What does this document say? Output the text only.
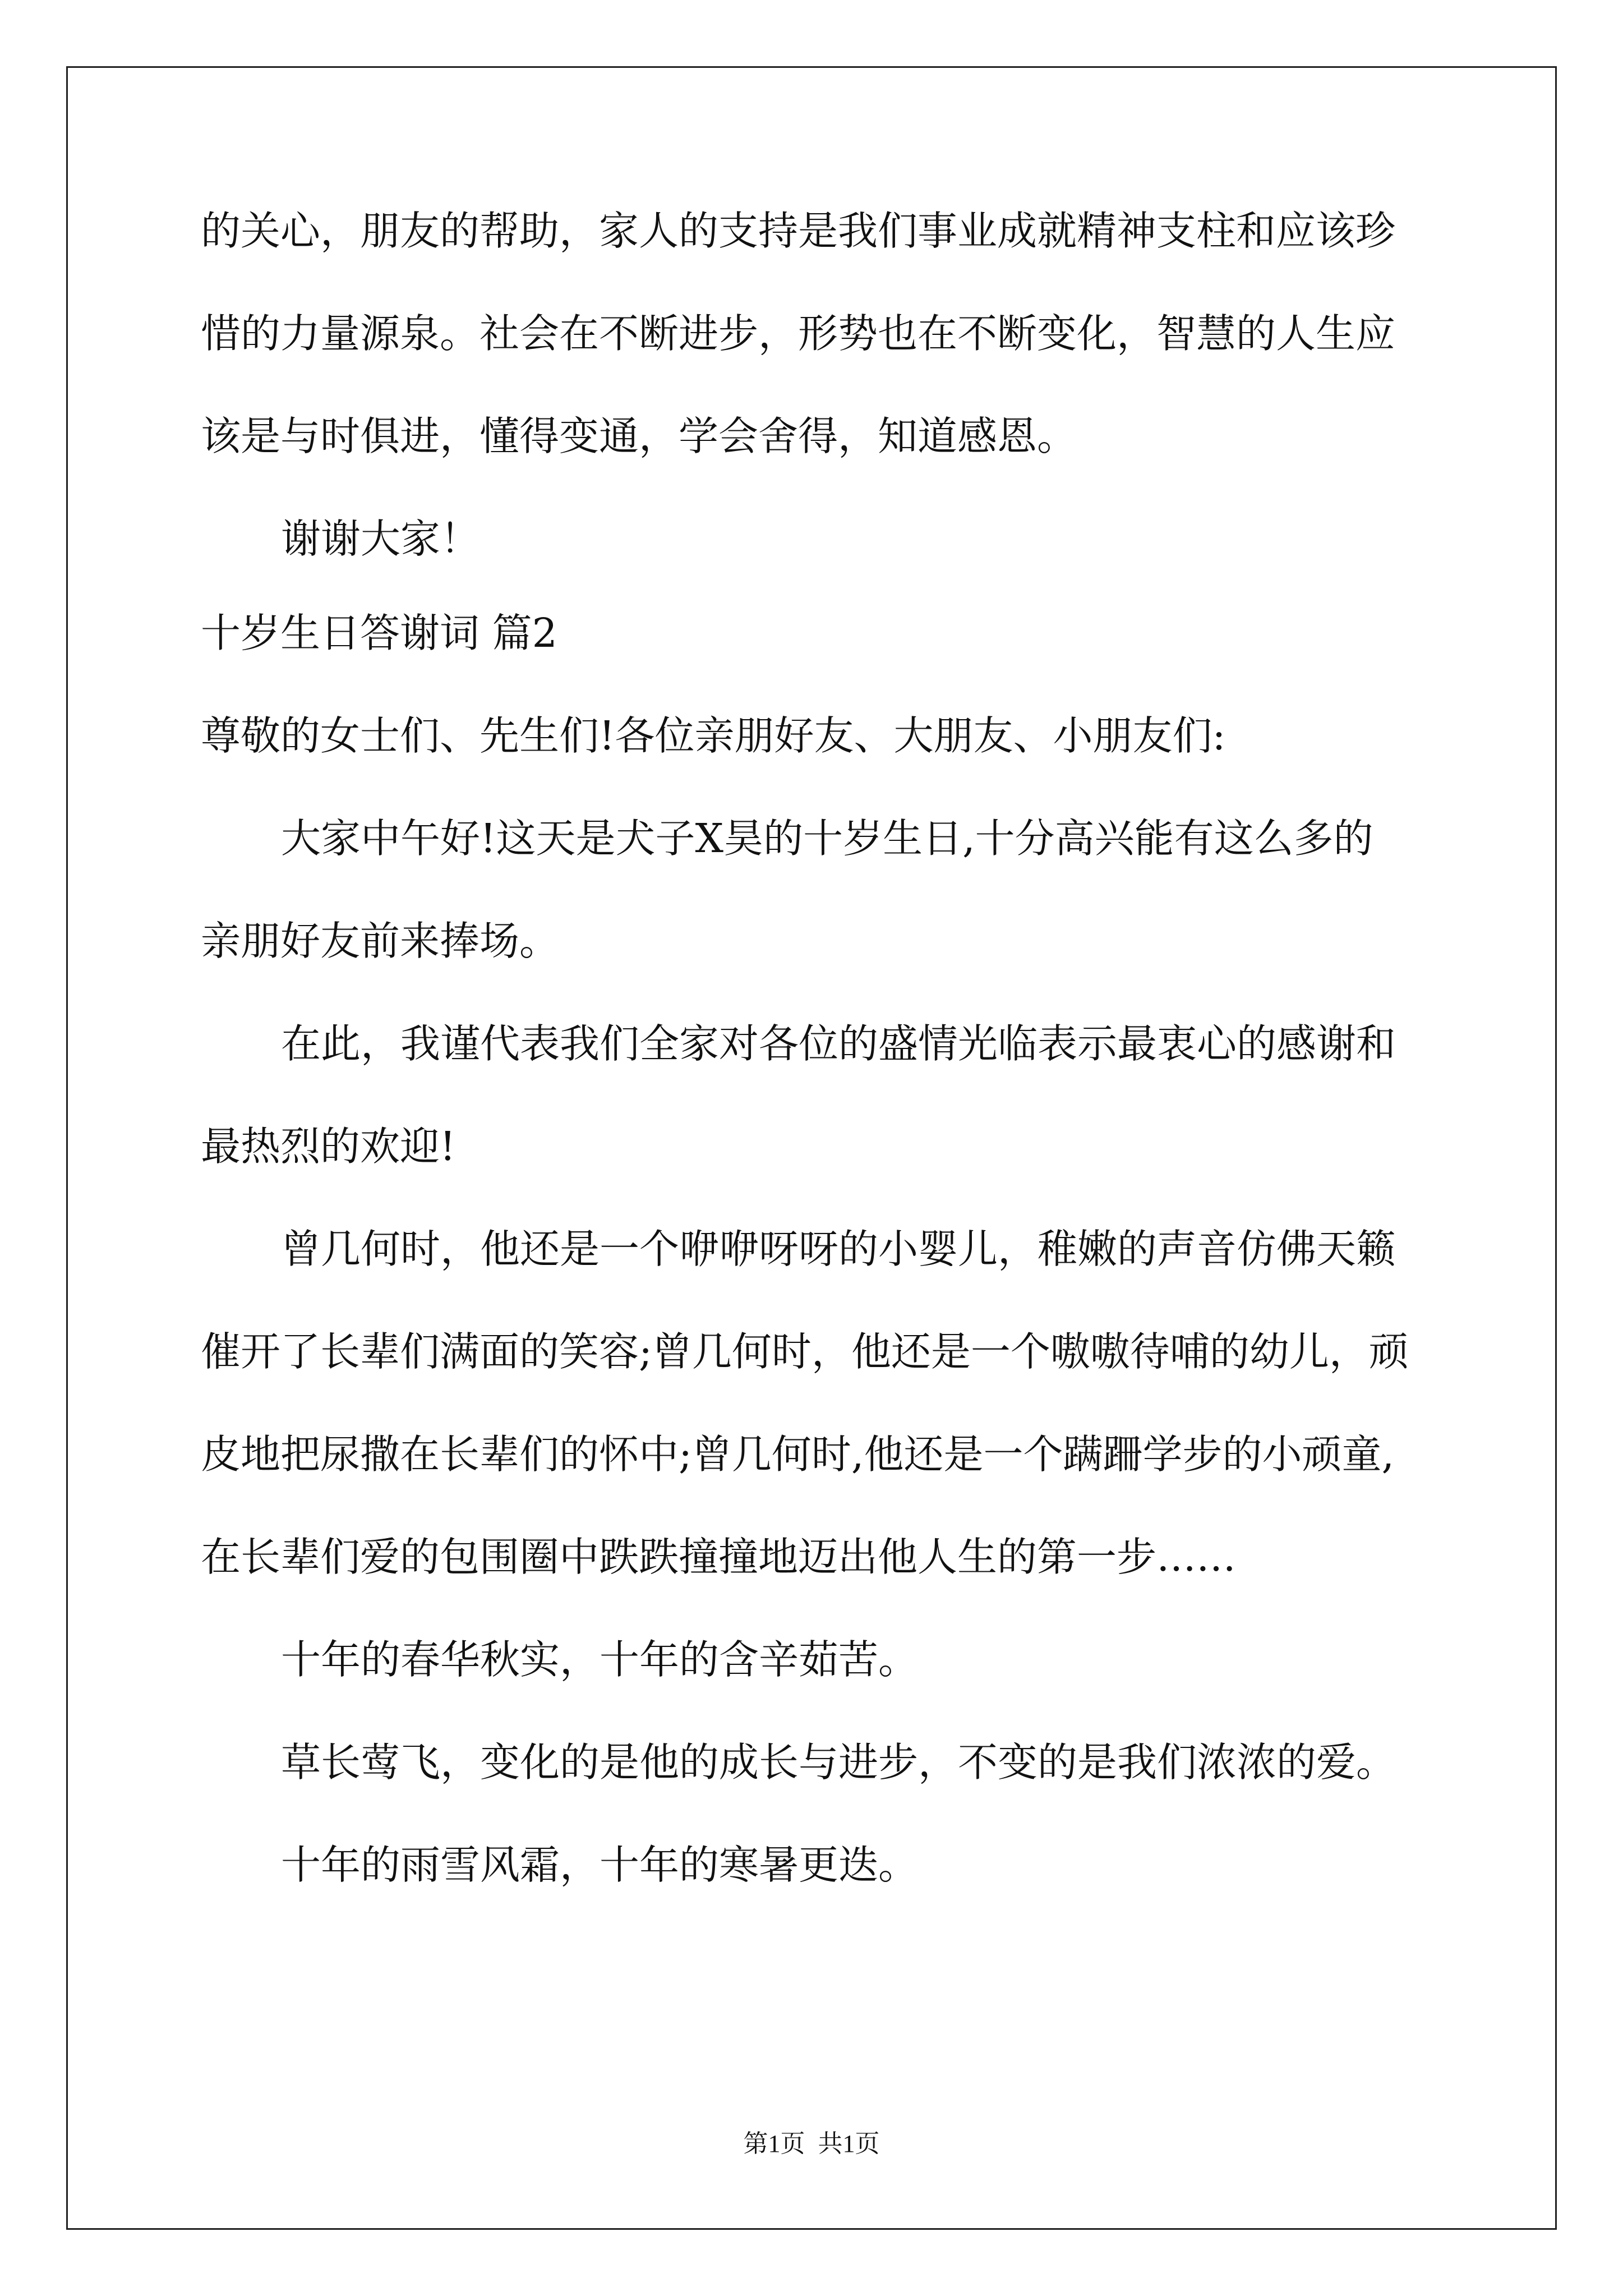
的关心，朋友的帮助，家人的支持是我们事业成就精神支柱和应该珍
惜的力量源泉。社会在不断进步，形势也在不断变化，智慧的人生应
该是与时俱进，懂得变通，学会舍得，知道感恩。
谢谢大家！
十岁生日答谢词 篇2
尊敬的女士们、先生们!各位亲朋好友、大朋友、小朋友们:
大家中午好!这天是犬子X昊的十岁生日,十分高兴能有这么多的
亲朋好友前来捧场。
在此，我谨代表我们全家对各位的盛情光临表示最衷心的感谢和
最热烈的欢迎!
曾几何时，他还是一个咿咿呀呀的小婴儿，稚嫩的声音仿佛天籁
催开了长辈们满面的笑容;曾几何时，他还是一个嗷嗷待哺的幼儿，顽
皮地把尿撒在长辈们的怀中;曾几何时,他还是一个蹒跚学步的小顽童,
在长辈们爱的包围圈中跌跌撞撞地迈出他人生的第一步……
十年的春华秋实，十年的含辛茹苦。
草长莺飞，变化的是他的成长与进步，不变的是我们浓浓的爱。
十年的雨雪风霜，十年的寒暑更迭。
第1页 共1页
